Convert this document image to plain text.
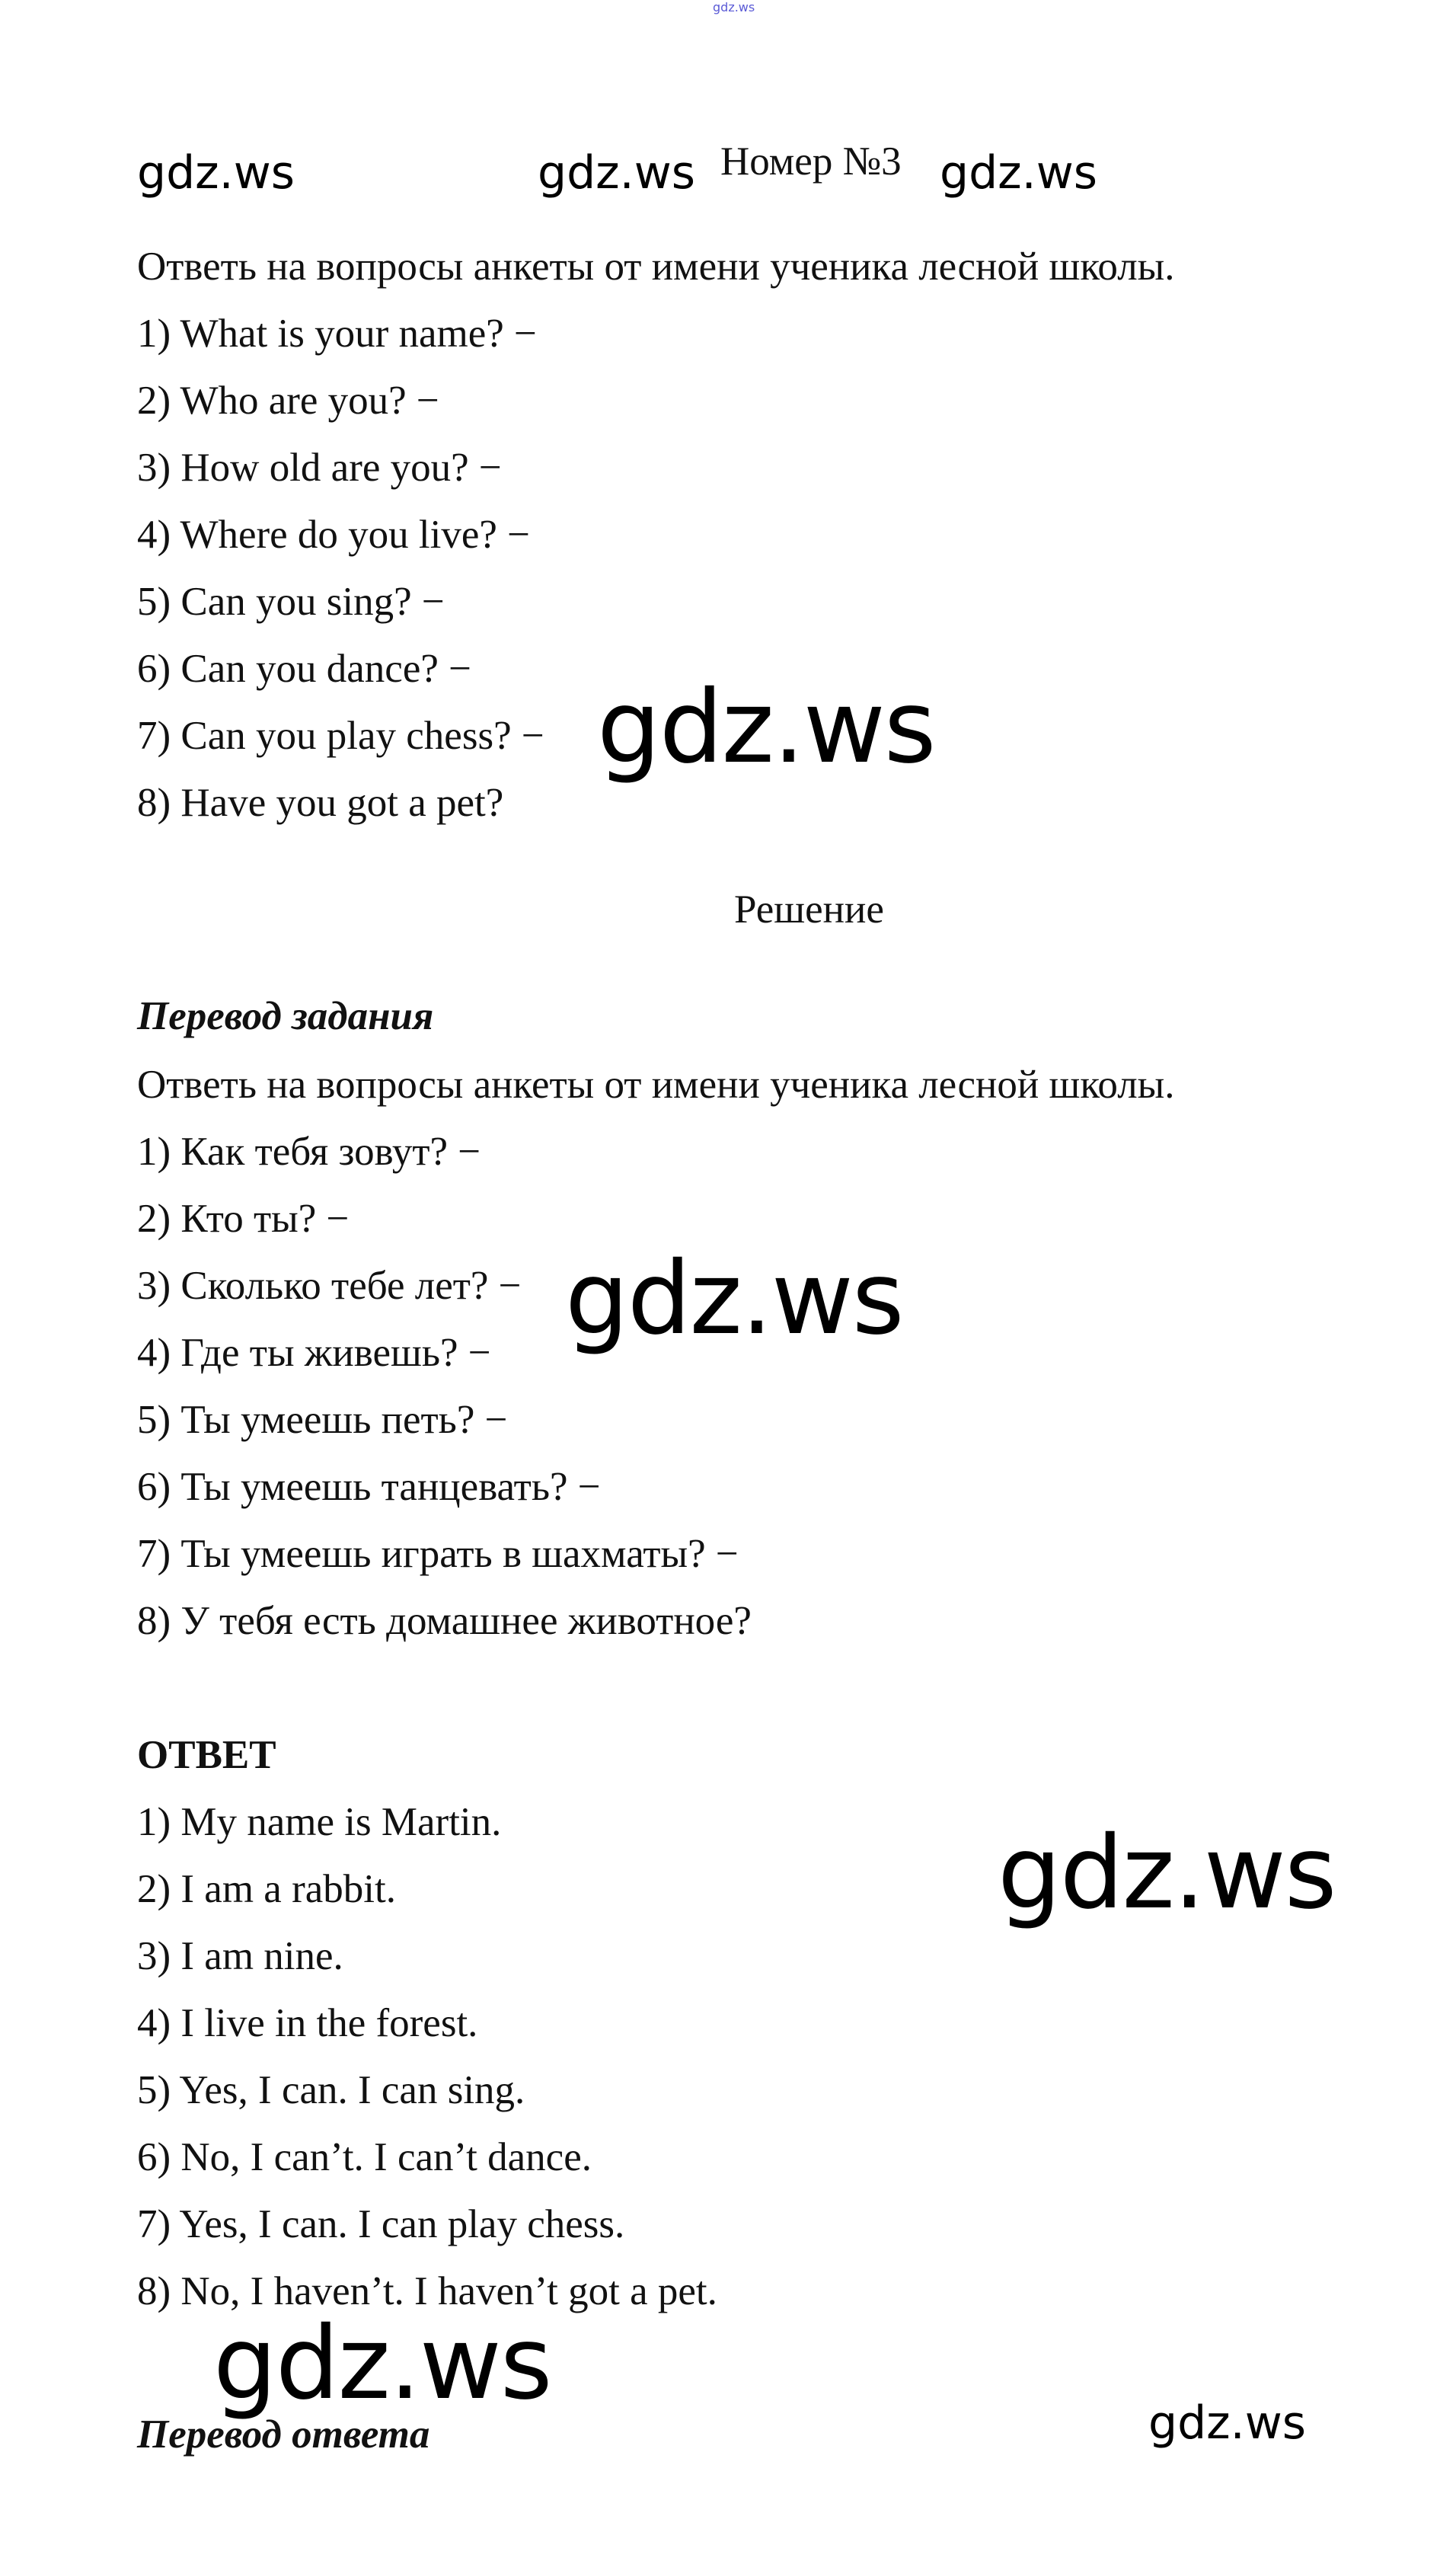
gdz.ws
gdz.ws	gdz.ws Номер №3 gdz.ws
Ответь на вопросы анкеты от имени ученика лесной школы.
1) What is your name? −
2) Who are you? −
3) How old are you? −
4) Where do you live? −
5) Can you sing? −
6) Can you dance? −
7) Can you play chess? −
8) Have you got a pet?
gdz.ws
Решение
Перевод задания
Ответь на вопросы анкеты от имени ученика лесной школы.
1) Как тебя зовут? −
2) Кто ты? −
3) Сколько тебе лет? −
4) Где ты живешь? −
5) Ты умеешь петь? −
6) Ты умеешь танцевать? −
7) Ты умеешь играть в шахматы? −
8) У тебя есть домашнее животное?
gdz.ws
ОТВЕТ
1) My name is Martin.
2) I am a rabbit.
3) I am nine.
4) I live in the forest.
5) Yes, I can. I can sing.
6) No, I can’t. I can’t dance.
7) Yes, I can. I can play chess.
8) No, I haven’t. I haven’t got a pet.
gdz.ws
gdz.ws
Перевод ответа	gdz.ws
